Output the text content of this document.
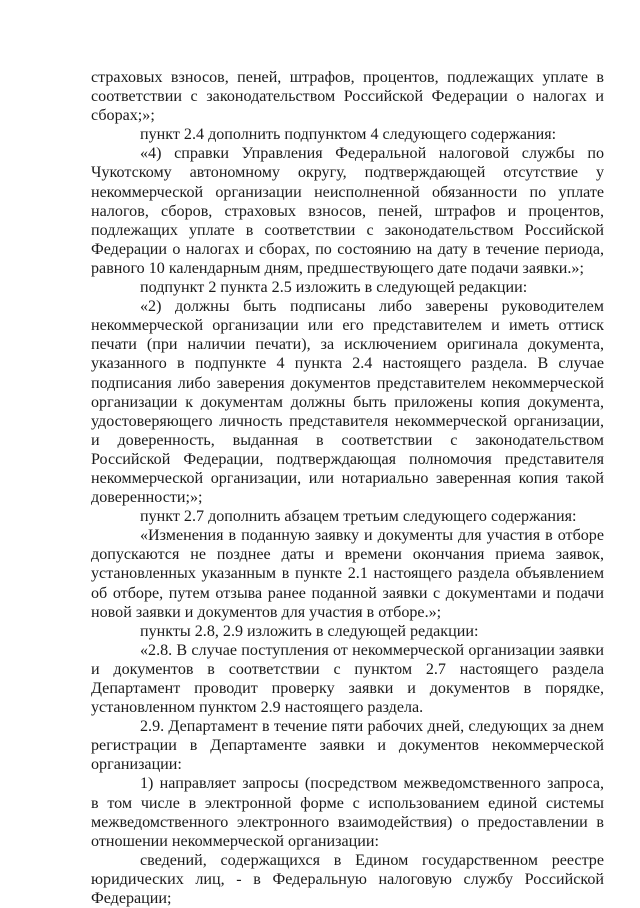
страховых взносов, пеней, штрафов, процентов, подлежащих уплате в соответствии с законодательством Российской Федерации о налогах и сборах;»;

пункт 2.4 дополнить подпунктом 4 следующего содержания:

«4) справки Управления Федеральной налоговой службы по Чукотскому автономному округу, подтверждающей отсутствие у некоммерческой организации неисполненной обязанности по уплате налогов, сборов, страховых взносов, пеней, штрафов и процентов, подлежащих уплате в соответствии с законодательством Российской Федерации о налогах и сборах, по состоянию на дату в течение периода, равного 10 календарным дням, предшествующего дате подачи заявки.»;

подпункт 2 пункта 2.5 изложить в следующей редакции:

«2) должны быть подписаны либо заверены руководителем некоммерческой организации или его представителем и иметь оттиск печати (при наличии печати), за исключением оригинала документа, указанного в подпункте 4 пункта 2.4 настоящего раздела. В случае подписания либо заверения документов представителем некоммерческой организации к документам должны быть приложены копия документа, удостоверяющего личность представителя некоммерческой организации, и доверенность, выданная в соответствии с законодательством Российской Федерации, подтверждающая полномочия представителя некоммерческой организации, или нотариально заверенная копия такой доверенности;»;

пункт 2.7 дополнить абзацем третьим следующего содержания:

«Изменения в поданную заявку и документы для участия в отборе допускаются не позднее даты и времени окончания приема заявок, установленных указанным в пункте 2.1 настоящего раздела объявлением об отборе, путем отзыва ранее поданной заявки с документами и подачи новой заявки и документов для участия в отборе.»;

пункты 2.8, 2.9 изложить в следующей редакции:

«2.8. В случае поступления от некоммерческой организации заявки и документов в соответствии с пунктом 2.7 настоящего раздела Департамент проводит проверку заявки и документов в порядке, установленном пунктом 2.9 настоящего раздела.

2.9. Департамент в течение пяти рабочих дней, следующих за днем регистрации в Департаменте заявки и документов некоммерческой организации:

1) направляет запросы (посредством межведомственного запроса, в том числе в электронной форме с использованием единой системы межведомственного электронного взаимодействия) о предоставлении в отношении некоммерческой организации:

сведений, содержащихся в Едином государственном реестре юридических лиц, - в Федеральную налоговую службу Российской Федерации;
